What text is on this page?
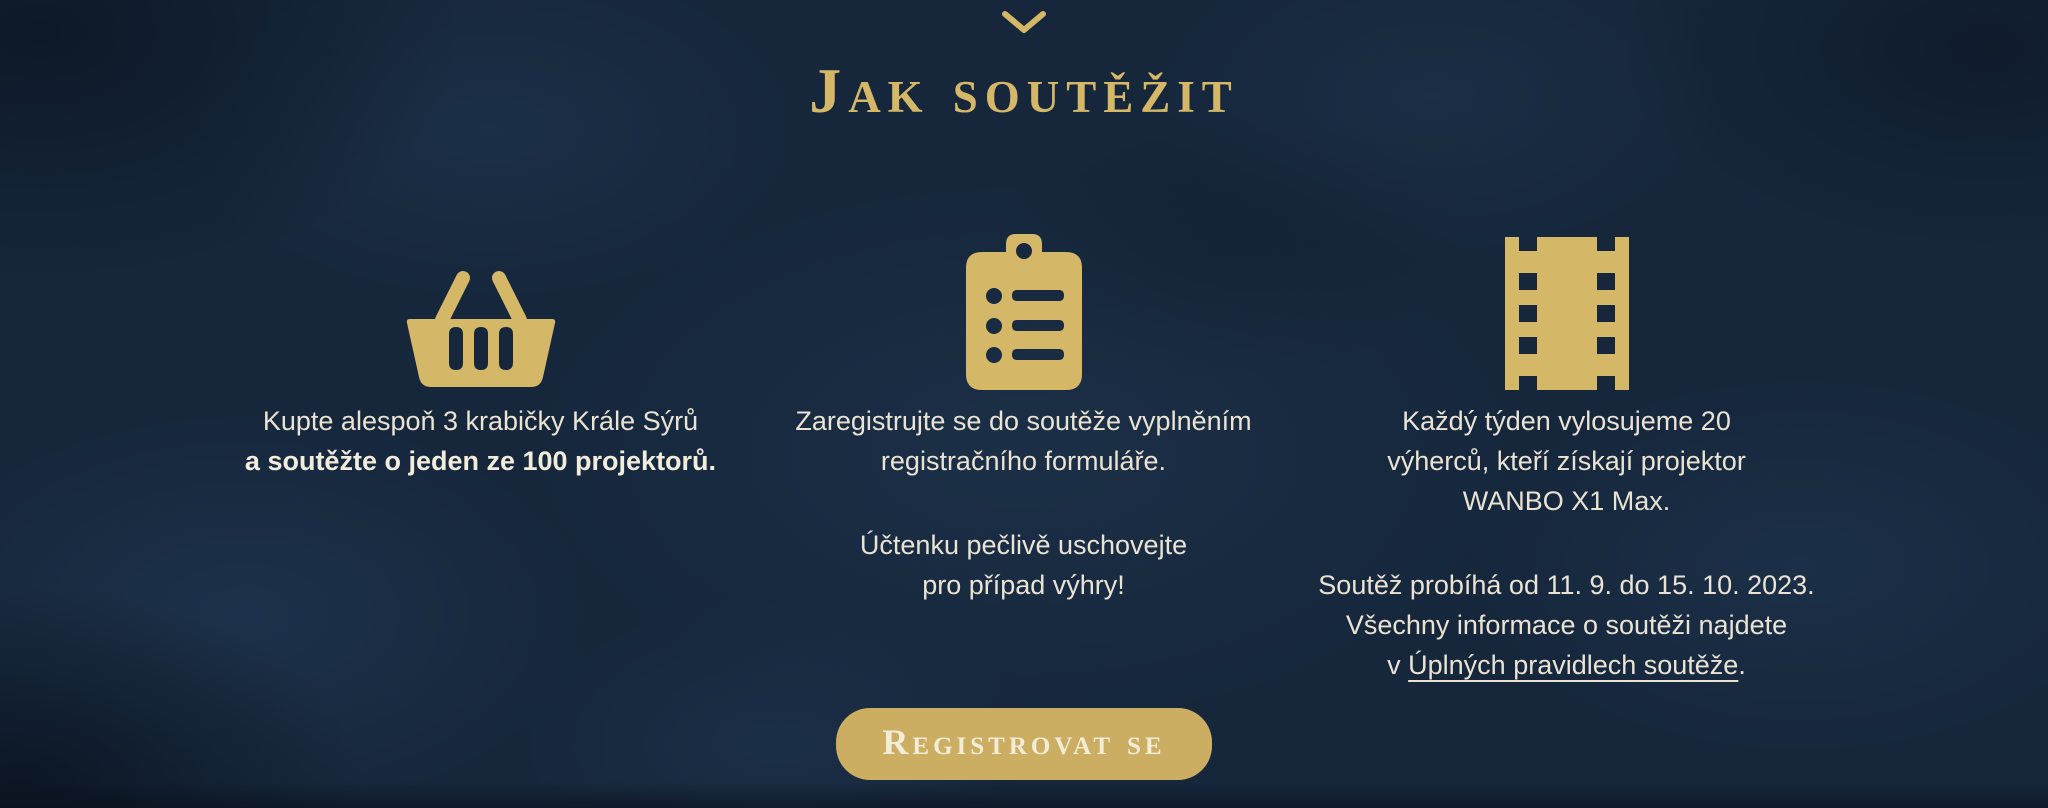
Jak soutěžit

Kupte alespoň 3 krabičky Krále Sýrů
a soutěžte o jeden ze 100 projektorů.

Zaregistrujte se do soutěže vyplněním
registračního formuláře.

Účtenku pečlivě uschovejte
pro případ výhry!

Každý týden vylosujeme 20
výherců, kteří získají projektor
WANBO X1 Max.

Soutěž probíhá od 11. 9. do 15. 10. 2023.
Všechny informace o soutěži najdete
v Úplných pravidlech soutěže.

Registrovat se
